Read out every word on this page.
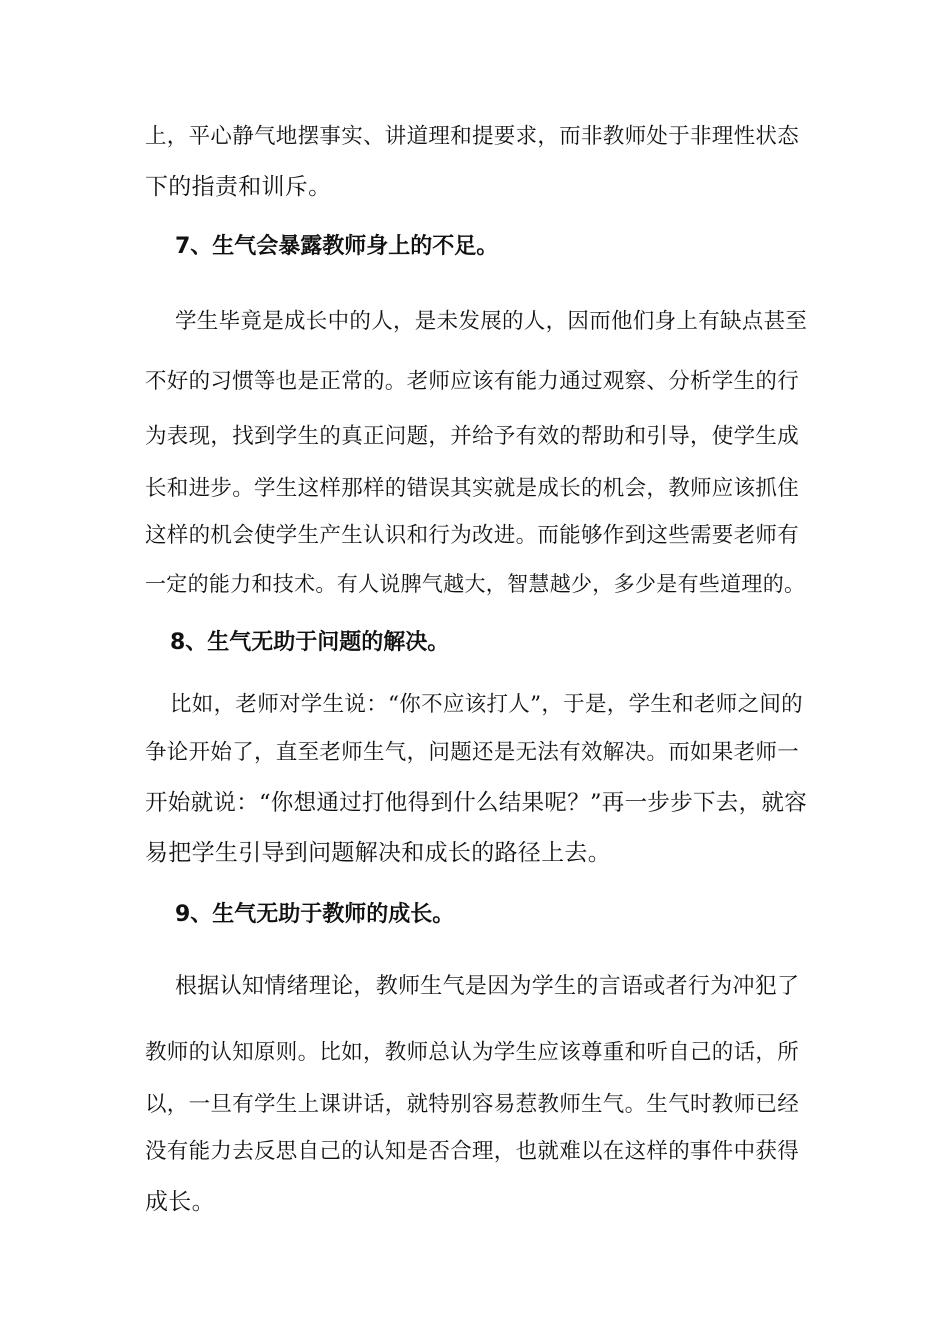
上，平心静气地摆事实、讲道理和提要求，而非教师处于非理性状态
下的指责和训斥。
7、生气会暴露教师身上的不足。
学生毕竟是成长中的人，是未发展的人，因而他们身上有缺点甚至
不好的习惯等也是正常的。老师应该有能力通过观察、分析学生的行
为表现，找到学生的真正问题，并给予有效的帮助和引导，使学生成
长和进步。学生这样那样的错误其实就是成长的机会，教师应该抓住
这样的机会使学生产生认识和行为改进。而能够作到这些需要老师有
一定的能力和技术。有人说脾气越大，智慧越少，多少是有些道理的。
8、生气无助于问题的解决。
比如，老师对学生说：“你不应该打人”，于是，学生和老师之间的
争论开始了，直至老师生气，问题还是无法有效解决。而如果老师一
开始就说：“你想通过打他得到什么结果呢？”再一步步下去，就容
易把学生引导到问题解决和成长的路径上去。
9、生气无助于教师的成长。
根据认知情绪理论，教师生气是因为学生的言语或者行为冲犯了
教师的认知原则。比如，教师总认为学生应该尊重和听自己的话，所
以，一旦有学生上课讲话，就特别容易惹教师生气。生气时教师已经
没有能力去反思自己的认知是否合理，也就难以在这样的事件中获得
成长。
